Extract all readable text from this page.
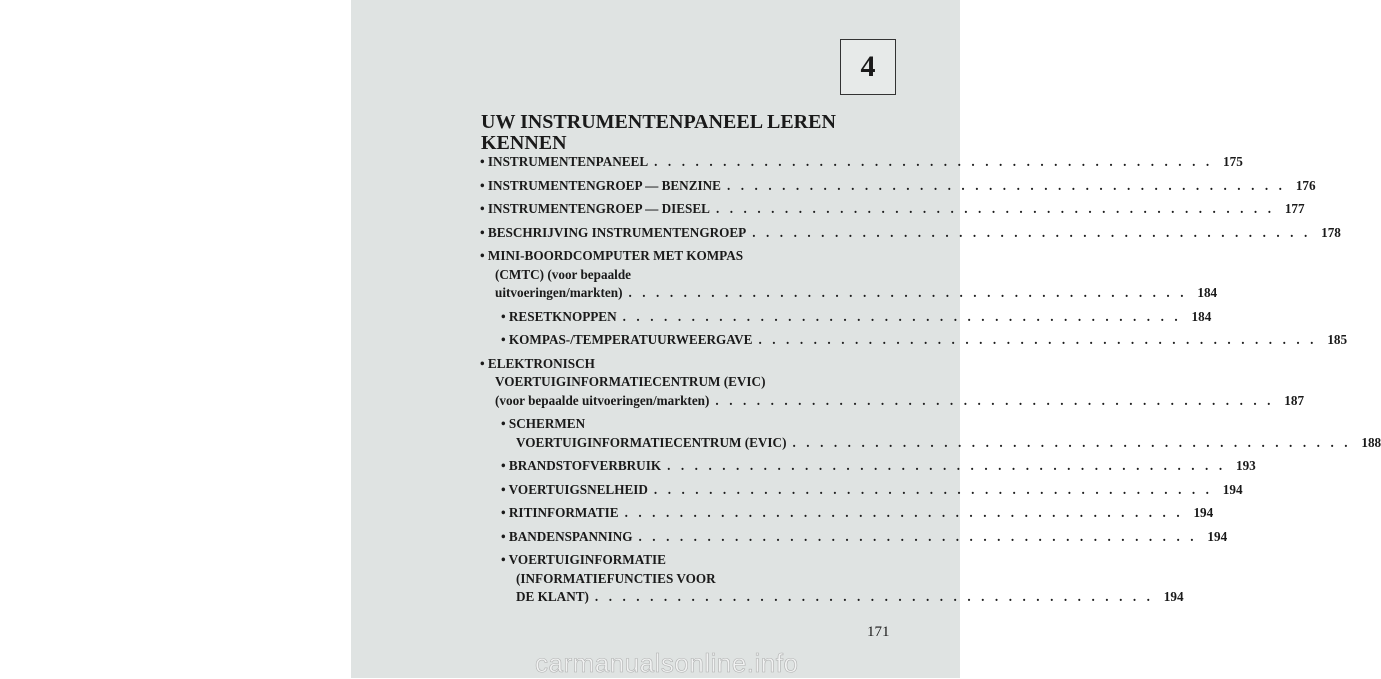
4
UW INSTRUMENTENPANEEL LEREN
KENNEN
• INSTRUMENTENPANEEL . . . . . . . . . . . . . . . . . . . . . . . . . . . . . . . . . . . . . . . . . 175
• INSTRUMENTENGROEP — BENZINE . . . . . . . . . . . . . . . . . . . . . . . . . . . . . . . . . . . . . . . . . 176
• INSTRUMENTENGROEP — DIESEL . . . . . . . . . . . . . . . . . . . . . . . . . . . . . . . . . . . . . . . . . 177
• BESCHRIJVING INSTRUMENTENGROEP . . . . . . . . . . . . . . . . . . . . . . . . . . . . . . . . . . . . . . . . . 178
• MINI-BOORDCOMPUTER MET KOMPAS
(CMTC) (voor bepaalde
uitvoeringen/markten) . . . . . . . . . . . . . . . . . . . . . . . . . . . . . . . . . . . . . . . . . 184
• RESETKNOPPEN . . . . . . . . . . . . . . . . . . . . . . . . . . . . . . . . . . . . . . . . . 184
• KOMPAS-/TEMPERATUURWEERGAVE . . . . . . . . . . . . . . . . . . . . . . . . . . . . . . . . . . . . . . . . . 185
• ELEKTRONISCH
VOERTUIGINFORMATIECENTRUM (EVIC)
(voor bepaalde uitvoeringen/markten) . . . . . . . . . . . . . . . . . . . . . . . . . . . . . . . . . . . . . . . . . 187
• SCHERMEN
VOERTUIGINFORMATIECENTRUM (EVIC) . . . . . . . . . . . . . . . . . . . . . . . . . . . . . . . . . . . . . . . . . 188
• BRANDSTOFVERBRUIK . . . . . . . . . . . . . . . . . . . . . . . . . . . . . . . . . . . . . . . . . 193
• VOERTUIGSNELHEID . . . . . . . . . . . . . . . . . . . . . . . . . . . . . . . . . . . . . . . . . 194
• RITINFORMATIE . . . . . . . . . . . . . . . . . . . . . . . . . . . . . . . . . . . . . . . . . 194
• BANDENSPANNING . . . . . . . . . . . . . . . . . . . . . . . . . . . . . . . . . . . . . . . . . 194
• VOERTUIGINFORMATIE
(INFORMATIEFUNCTIES VOOR
DE KLANT) . . . . . . . . . . . . . . . . . . . . . . . . . . . . . . . . . . . . . . . . . 194
171
carmanualsonline.info
